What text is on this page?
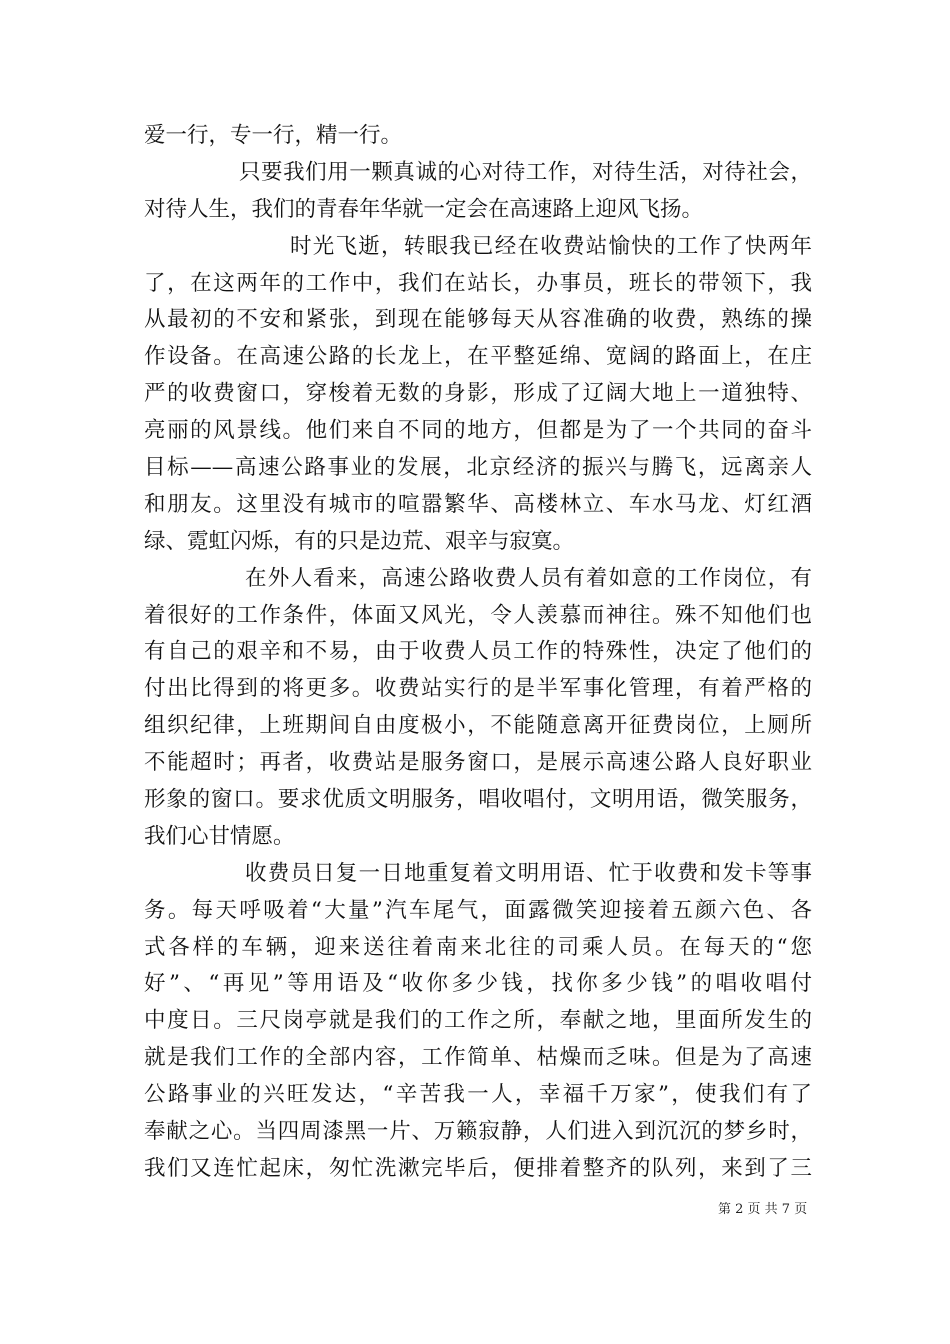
爱一行，专一行，精一行。
只要我们用一颗真诚的心对待工作，对待生活，对待社会，
对待人生，我们的青春年华就一定会在高速路上迎风飞扬。
时光飞逝，转眼我已经在收费站愉快的工作了快两年
了，在这两年的工作中，我们在站长，办事员，班长的带领下，我
从最初的不安和紧张，到现在能够每天从容准确的收费，熟练的操
作设备。在高速公路的长龙上，在平整延绵、宽阔的路面上，在庄
严的收费窗口，穿梭着无数的身影，形成了辽阔大地上一道独特、
亮丽的风景线。他们来自不同的地方，但都是为了一个共同的奋斗
目标——高速公路事业的发展，北京经济的振兴与腾飞，远离亲人
和朋友。这里没有城市的喧嚣繁华、高楼林立、车水马龙、灯红酒
绿、霓虹闪烁，有的只是边荒、艰辛与寂寞。
在外人看来，高速公路收费人员有着如意的工作岗位，有
着很好的工作条件，体面又风光，令人羡慕而神往。殊不知他们也
有自己的艰辛和不易，由于收费人员工作的特殊性，决定了他们的
付出比得到的将更多。收费站实行的是半军事化管理，有着严格的
组织纪律，上班期间自由度极小，不能随意离开征费岗位，上厕所
不能超时；再者，收费站是服务窗口，是展示高速公路人良好职业
形象的窗口。要求优质文明服务，唱收唱付，文明用语，微笑服务，
我们心甘情愿。
收费员日复一日地重复着文明用语、忙于收费和发卡等事
务。每天呼吸着“大量”汽车尾气，面露微笑迎接着五颜六色、各
式各样的车辆，迎来送往着南来北往的司乘人员。在每天的“您
好”、“再见”等用语及“收你多少钱，找你多少钱”的唱收唱付
中度日。三尺岗亭就是我们的工作之所，奉献之地，里面所发生的
就是我们工作的全部内容，工作简单、枯燥而乏味。但是为了高速
公路事业的兴旺发达，“辛苦我一人，幸福千万家”，使我们有了
奉献之心。当四周漆黑一片、万籁寂静，人们进入到沉沉的梦乡时，
我们又连忙起床，匆忙洗漱完毕后，便排着整齐的队列，来到了三
第 2 页 共 7 页
